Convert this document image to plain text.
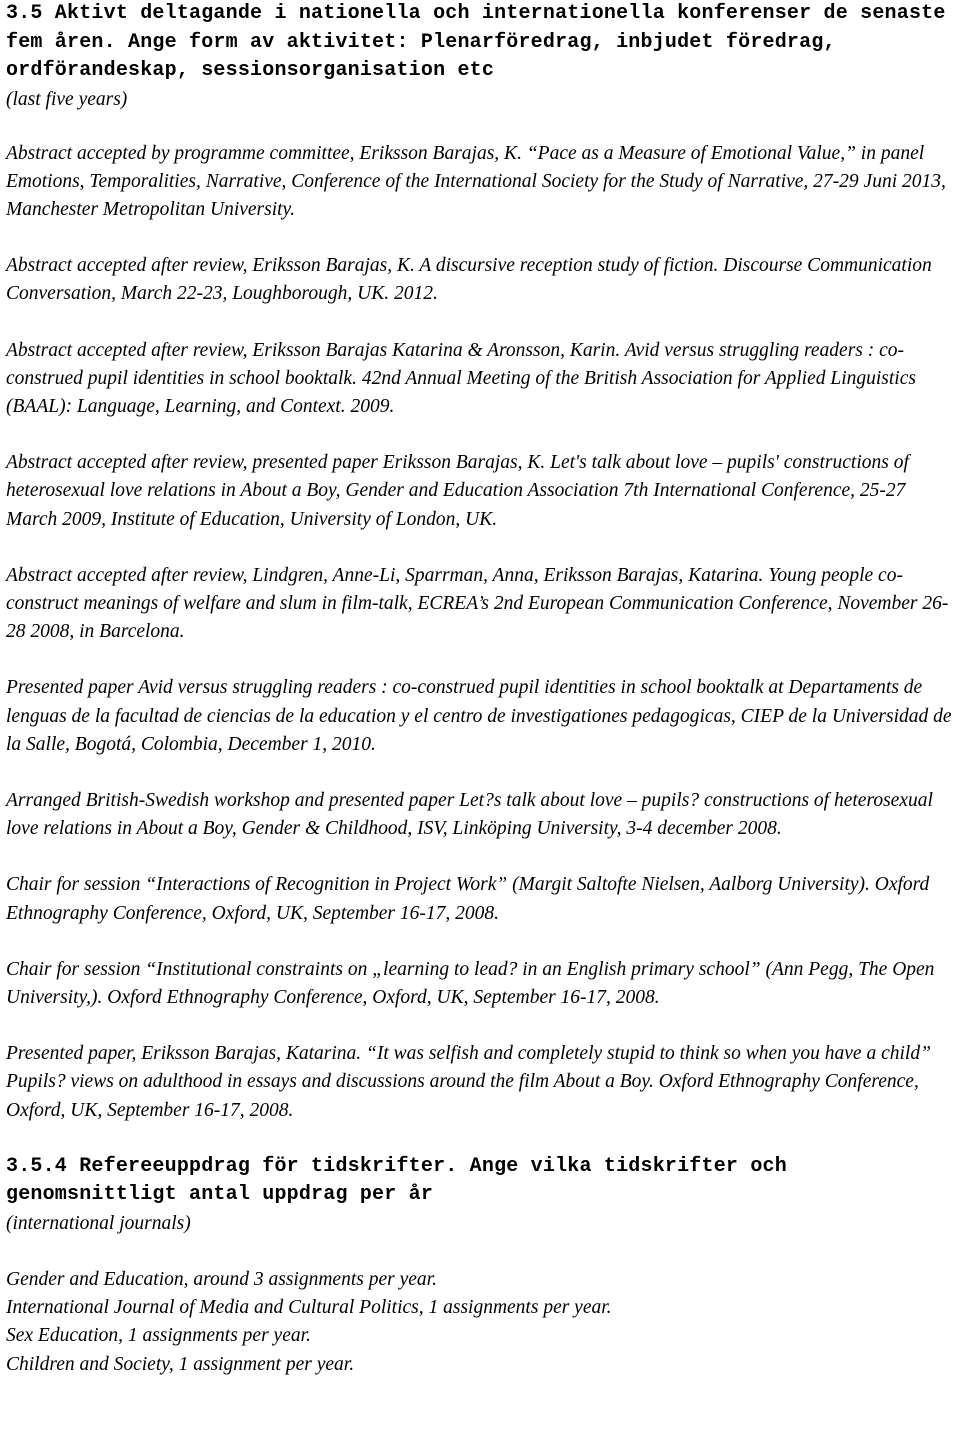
3.5 Aktivt deltagande i nationella och internationella konferenser de senaste fem åren. Ange form av aktivitet: Plenarföredrag, inbjudet föredrag, ordförandeskap, sessionsorganisation etc

(last five years)

Abstract accepted by programme committee, Eriksson Barajas, K. “Pace as a Measure of Emotional Value,” in panel Emotions, Temporalities, Narrative, Conference of the International Society for the Study of Narrative, 27-29 Juni 2013, Manchester Metropolitan University.

Abstract accepted after review, Eriksson Barajas, K. A discursive reception study of fiction. Discourse Communication Conversation, March 22-23, Loughborough, UK. 2012.

Abstract accepted after review, Eriksson Barajas Katarina & Aronsson, Karin. Avid versus struggling readers : co-construed pupil identities in school booktalk. 42nd Annual Meeting of the British Association for Applied Linguistics (BAAL): Language, Learning, and Context. 2009.

Abstract accepted after review, presented paper Eriksson Barajas, K. Let's talk about love – pupils' constructions of heterosexual love relations in About a Boy, Gender and Education Association 7th International Conference, 25-27 March 2009, Institute of Education, University of London, UK.

Abstract accepted after review, Lindgren, Anne-Li, Sparrman, Anna, Eriksson Barajas, Katarina. Young people co-construct meanings of welfare and slum in film-talk, ECREA’s 2nd European Communication Conference, November 26-28 2008, in Barcelona.

Presented paper Avid versus struggling readers : co-construed pupil identities in school booktalk at Departaments de lenguas de la facultad de ciencias de la education y el centro de investigationes pedagogicas, CIEP de la Universidad de la Salle, Bogotá, Colombia, December 1, 2010.

Arranged British-Swedish workshop and presented paper Let?s talk about love – pupils? constructions of heterosexual love relations in About a Boy, Gender & Childhood, ISV, Linköping University, 3-4 december 2008.

Chair for session “Interactions of Recognition in Project Work” (Margit Saltofte Nielsen, Aalborg University). Oxford Ethnography Conference, Oxford, UK, September 16-17, 2008.

Chair for session “Institutional constraints on „learning to lead? in an English primary school” (Ann Pegg, The Open University,). Oxford Ethnography Conference, Oxford, UK, September 16-17, 2008.

Presented paper, Eriksson Barajas, Katarina. “It was selfish and completely stupid to think so when you have a child” Pupils? views on adulthood in essays and discussions around the film About a Boy. Oxford Ethnography Conference, Oxford, UK, September 16-17, 2008.

3.5.4 Refereeuppdrag för tidskrifter. Ange vilka tidskrifter och genomsnittligt antal uppdrag per år

(international journals)

Gender and Education, around 3 assignments per year.

International Journal of Media and Cultural Politics, 1 assignments per year.

Sex Education, 1 assignments per year.

Children and Society, 1 assignment per year.
